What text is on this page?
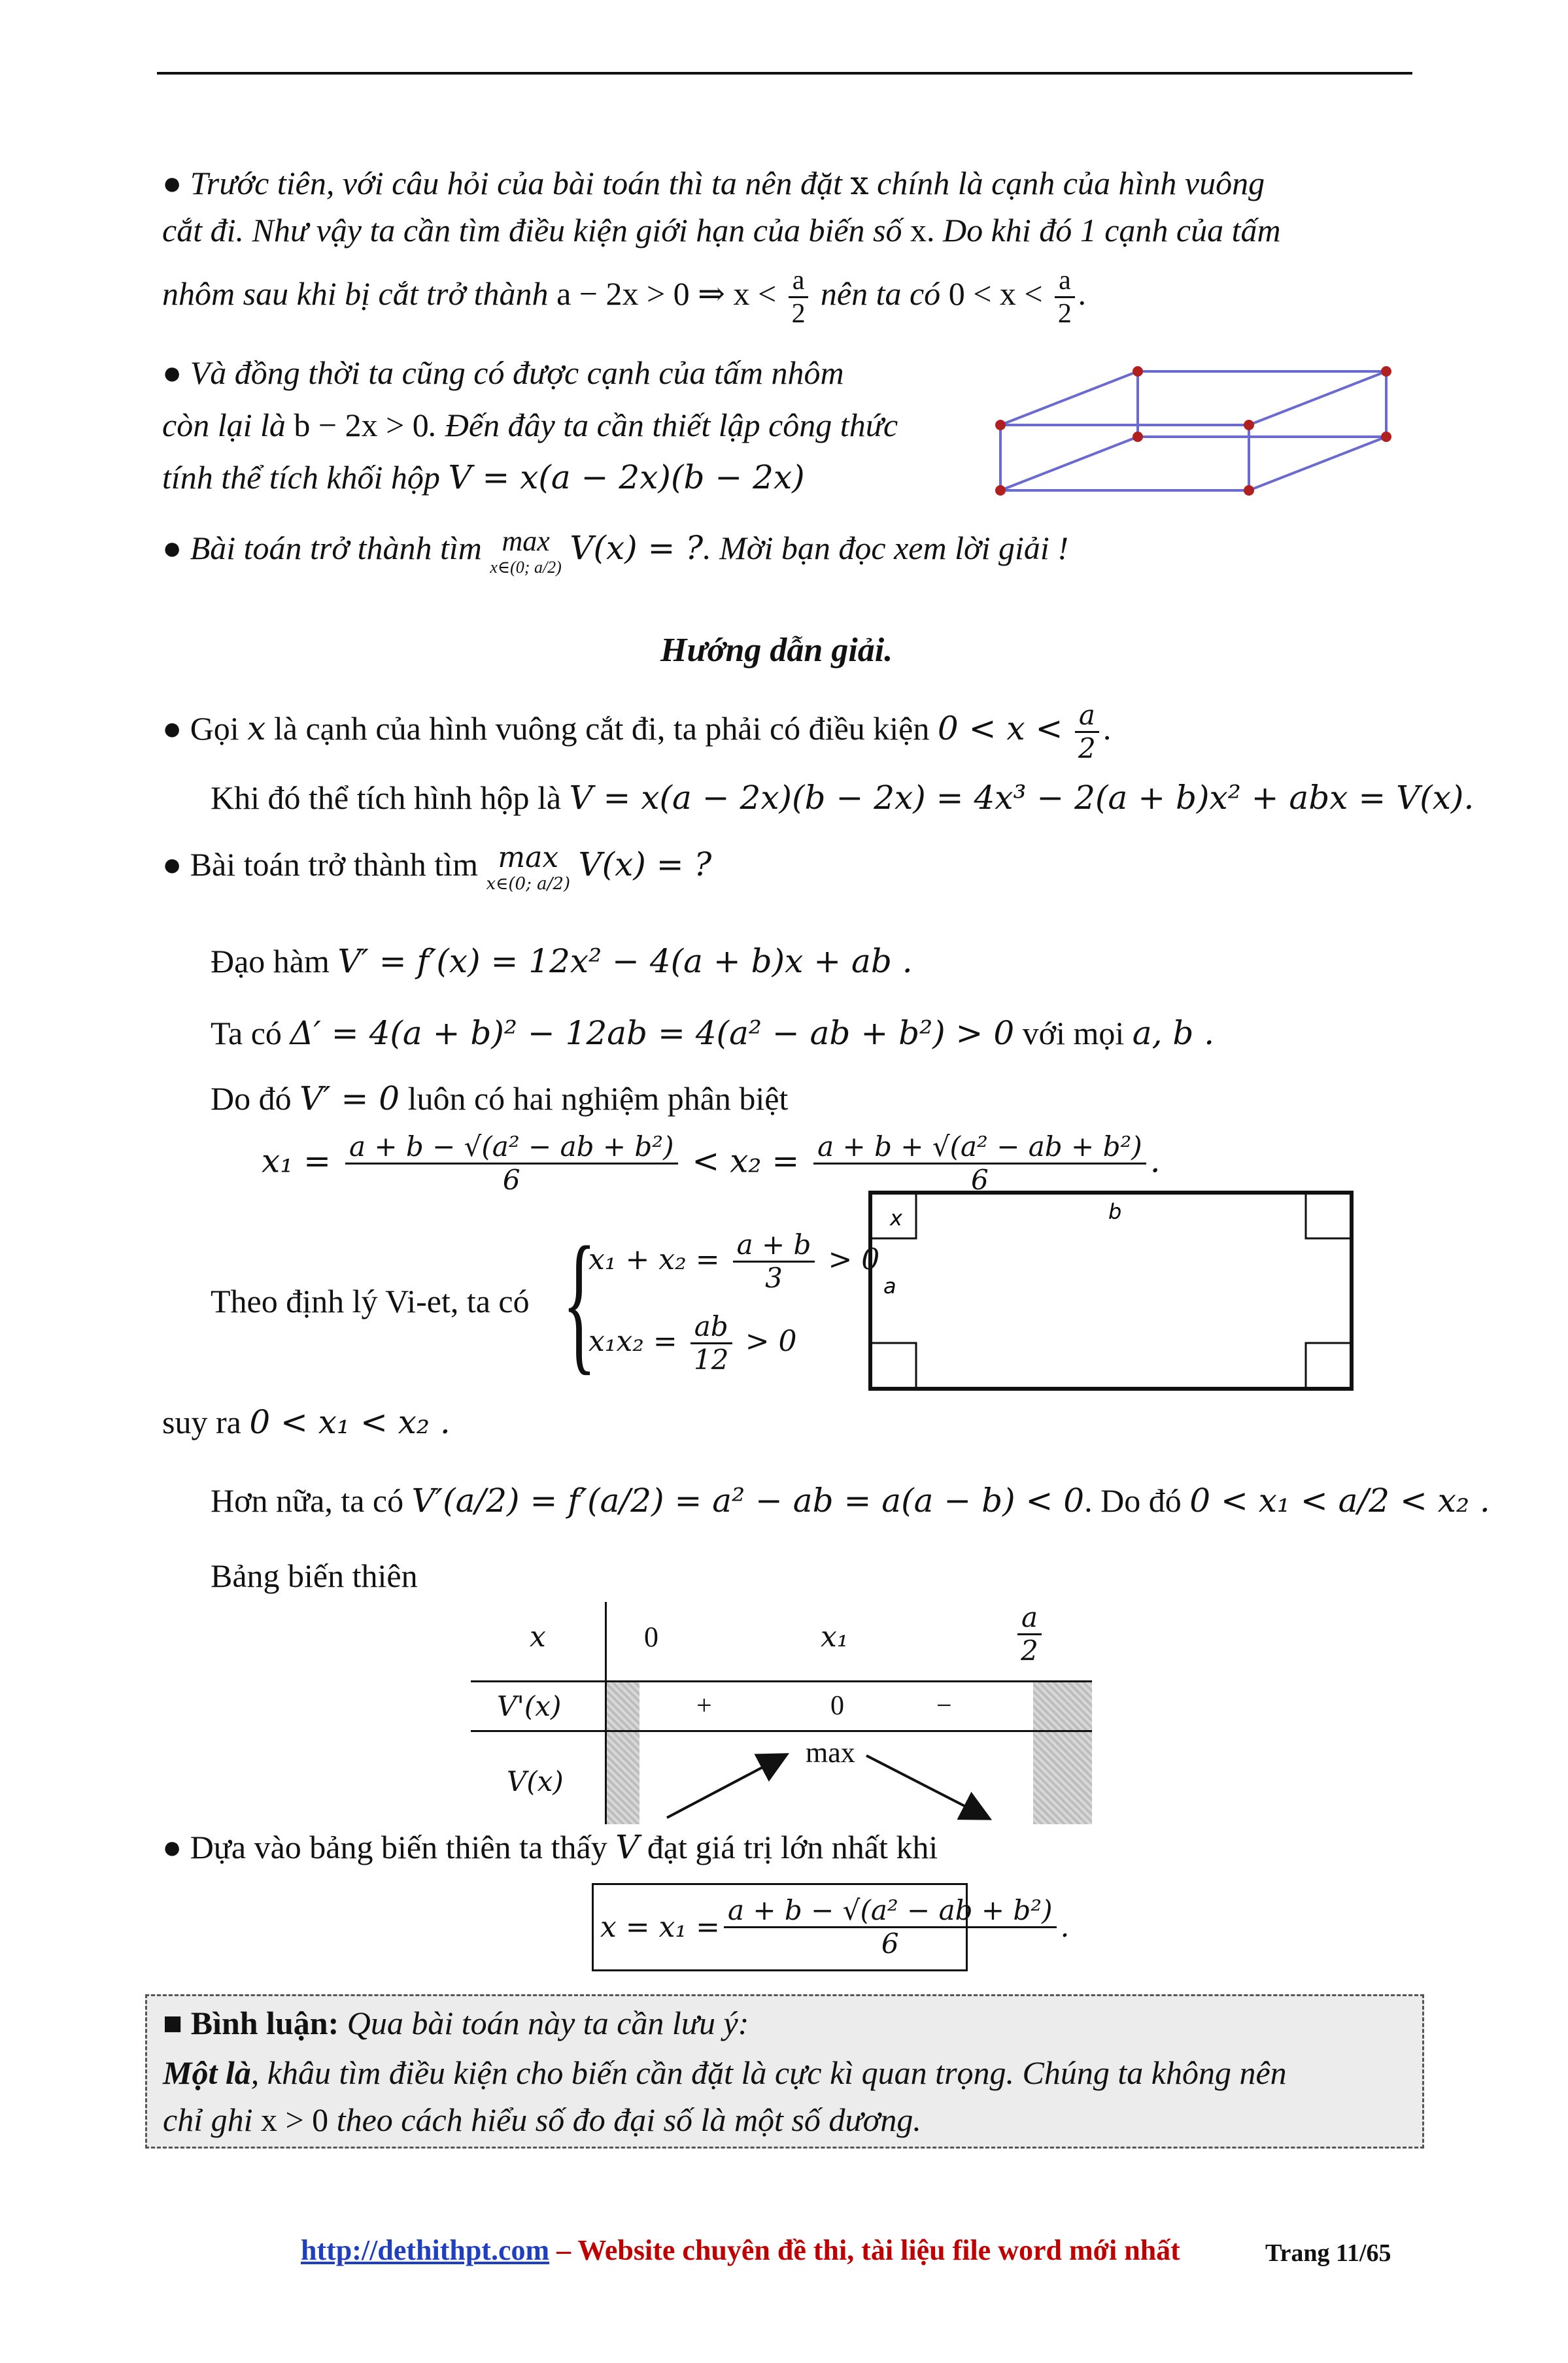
● Trước tiên, với câu hỏi của bài toán thì ta nên đặt x chính là cạnh của hình vuông
cắt đi. Như vậy ta cần tìm điều kiện giới hạn của biến số x. Do khi đó 1 cạnh của tấm
nhôm sau khi bị cắt trở thành a − 2x > 0 ⇒ $x < \frac{a}{2}$ nên ta có $0 < x < \frac{a}{2}$ .
● Và đồng thời ta cũng có được cạnh của tấm nhôm
còn lại là b − 2x > 0. Đến đây ta cần thiết lập công thức
tính thể tích khối hộp V = x(a − 2x)(b − 2x)
● Bài toán trở thành tìm max
x∈(0; a/2)
V(x) = ?. Mời bạn đọc xem lời giải !
Hướng dẫn giải.
● Gọi x là cạnh của hình vuông cắt đi, ta phải có điều kiện $0 < x < \frac{a}{2}$ .
Khi đó thể tích hình hộp là V = x(a − 2x)(b − 2x) = 4x³ − 2(a + b)x² + abx = V(x).
● Bài toán trở thành tìm max
x∈(0; a/2)
V(x) = ?
Đạo hàm V′ = f′(x) = 12x² − 4(a + b)x + ab .
Ta có Δ′ = 4(a + b)² − 12ab = 4(a² − ab + b²) > 0 với mọi a, b .
Do đó V′ = 0 luôn có hai nghiệm phân biệt
$x_1 = \frac{\text{a + b − √(a² − ab + b²)}}{6} < x_2 = \frac{\text{a + b + √(a² − ab + b²)}}{6}$ .
Theo định lý Vi-et, ta có {
$x_1 + x_2 = \frac{a + b}{3} > 0$
$x_1x_2 = \frac{ab}{12} > 0$
x	b
a
suy ra 0 < x₁ < x₂ .
Hơn nữa, ta có V′(a/2) = f′(a/2) = a² − ab = a(a − b) < 0. Do đó 0 < x₁ < a/2 < x₂ .
Bảng biến thiên
x	0	x₁	$\frac{a}{2}$
V'(x)	+	0	−
V(x)
max
● Dựa vào bảng biến thiên ta thấy V đạt giá trị lớn nhất khi
$x = x_1 = \frac{\text{a + b − √(a² − ab + b²)}}{6}$ .
■ Bình luận: Qua bài toán này ta cần lưu ý:
Một là, khâu tìm điều kiện cho biến cần đặt là cực kì quan trọng. Chúng ta không nên
chỉ ghi x > 0 theo cách hiểu số đo đại số là một số dương.
http://dethithpt.com – Website chuyên đề thi, tài liệu file word mới nhất	Trang 11/65
